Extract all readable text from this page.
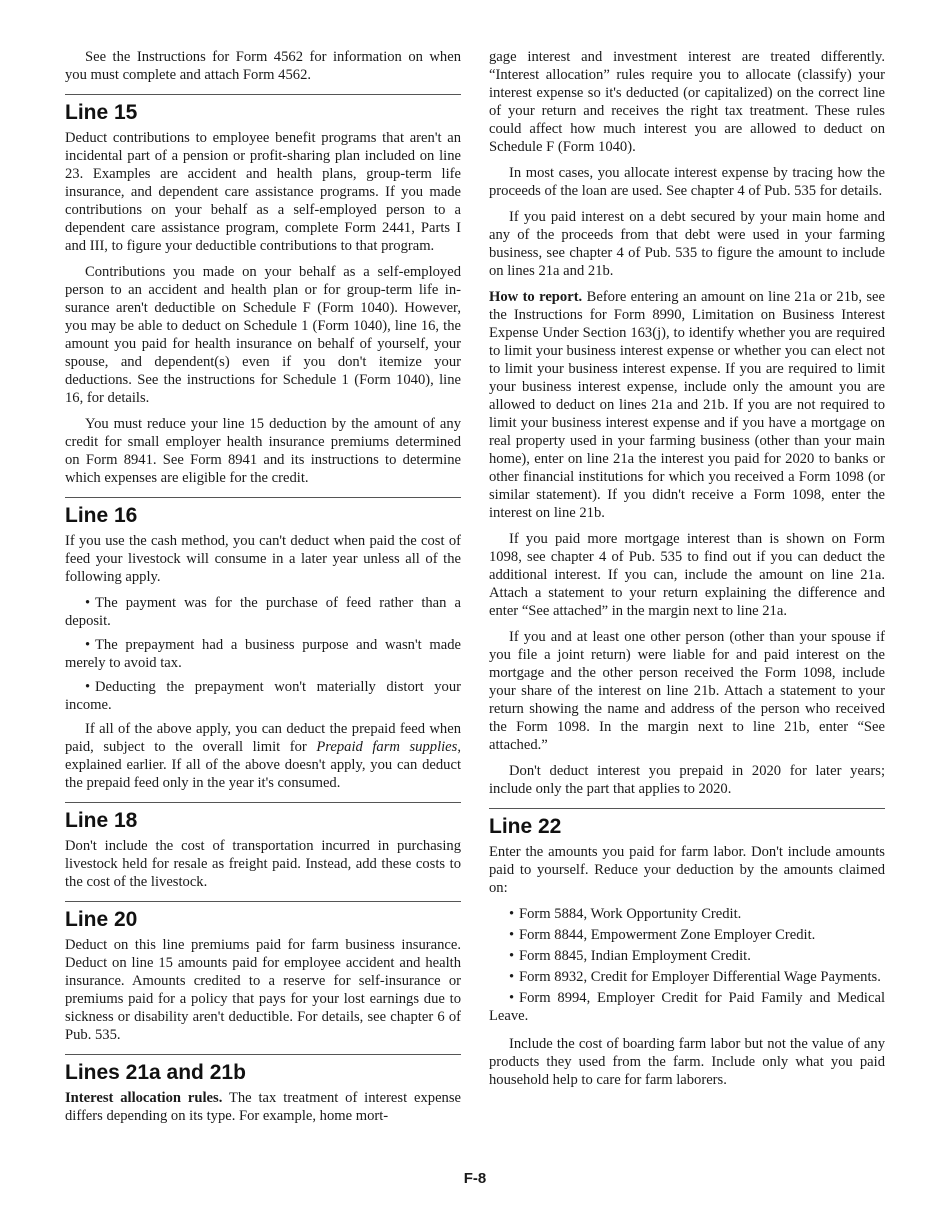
See the Instructions for Form 4562 for information on when you must complete and attach Form 4562.

Line 15

Deduct contributions to employee benefit programs that aren't an incidental part of a pension or profit-sharing plan included on line 23. Examples are accident and health plans, group-term life insurance, and dependent care assistance programs. If you made contributions on your behalf as a self-employed person to a dependent care assistance program, complete Form 2441, Parts I and III, to figure your deductible contributions to that program.

Contributions you made on your behalf as a self-employed person to an accident and health plan or for group-term life insurance aren't deductible on Schedule F (Form 1040). However, you may be able to deduct on Schedule 1 (Form 1040), line 16, the amount you paid for health insurance on behalf of yourself, your spouse, and dependent(s) even if you don't itemize your deductions. See the instructions for Schedule 1 (Form 1040), line 16, for details.

You must reduce your line 15 deduction by the amount of any credit for small employer health insurance premiums determined on Form 8941. See Form 8941 and its instructions to determine which expenses are eligible for the credit.

Line 16

If you use the cash method, you can't deduct when paid the cost of feed your livestock will consume in a later year unless all of the following apply.

• The payment was for the purchase of feed rather than a deposit.

• The prepayment had a business purpose and wasn't made merely to avoid tax.

• Deducting the prepayment won't materially distort your income.

If all of the above apply, you can deduct the prepaid feed when paid, subject to the overall limit for Prepaid farm supplies, explained earlier. If all of the above doesn't apply, you can deduct the prepaid feed only in the year it's consumed.

Line 18

Don't include the cost of transportation incurred in purchasing livestock held for resale as freight paid. Instead, add these costs to the cost of the livestock.

Line 20

Deduct on this line premiums paid for farm business insurance. Deduct on line 15 amounts paid for employee accident and health insurance. Amounts credited to a reserve for self-insurance or premiums paid for a policy that pays for your lost earnings due to sickness or disability aren't deductible. For details, see chapter 6 of Pub. 535.

Lines 21a and 21b

Interest allocation rules. The tax treatment of interest expense differs depending on its type. For example, home mort-

gage interest and investment interest are treated differently. “Interest allocation” rules require you to allocate (classify) your interest expense so it's deducted (or capitalized) on the correct line of your return and receives the right tax treatment. These rules could affect how much interest you are allowed to deduct on Schedule F (Form 1040).

In most cases, you allocate interest expense by tracing how the proceeds of the loan are used. See chapter 4 of Pub. 535 for details.

If you paid interest on a debt secured by your main home and any of the proceeds from that debt were used in your farming business, see chapter 4 of Pub. 535 to figure the amount to include on lines 21a and 21b.

How to report. Before entering an amount on line 21a or 21b, see the Instructions for Form 8990, Limitation on Business Interest Expense Under Section 163(j), to identify whether you are required to limit your business interest expense or whether you can elect not to limit your business interest expense. If you are required to limit your business interest expense, include only the amount you are allowed to deduct on lines 21a and 21b. If you are not required to limit your business interest expense and if you have a mortgage on real property used in your farming business (other than your main home), enter on line 21a the interest you paid for 2020 to banks or other financial institutions for which you received a Form 1098 (or similar statement). If you didn't receive a Form 1098, enter the interest on line 21b.

If you paid more mortgage interest than is shown on Form 1098, see chapter 4 of Pub. 535 to find out if you can deduct the additional interest. If you can, include the amount on line 21a. Attach a statement to your return explaining the difference and enter “See attached” in the margin next to line 21a.

If you and at least one other person (other than your spouse if you file a joint return) were liable for and paid interest on the mortgage and the other person received the Form 1098, include your share of the interest on line 21b. Attach a statement to your return showing the name and address of the person who received the Form 1098. In the margin next to line 21b, enter “See attached.”

Don't deduct interest you prepaid in 2020 for later years; include only the part that applies to 2020.

Line 22

Enter the amounts you paid for farm labor. Don't include amounts paid to yourself. Reduce your deduction by the amounts claimed on:

• Form 5884, Work Opportunity Credit.

• Form 8844, Empowerment Zone Employer Credit.

• Form 8845, Indian Employment Credit.

• Form 8932, Credit for Employer Differential Wage Payments.

• Form 8994, Employer Credit for Paid Family and Medical Leave.

Include the cost of boarding farm labor but not the value of any products they used from the farm. Include only what you paid household help to care for farm laborers.

F-8
